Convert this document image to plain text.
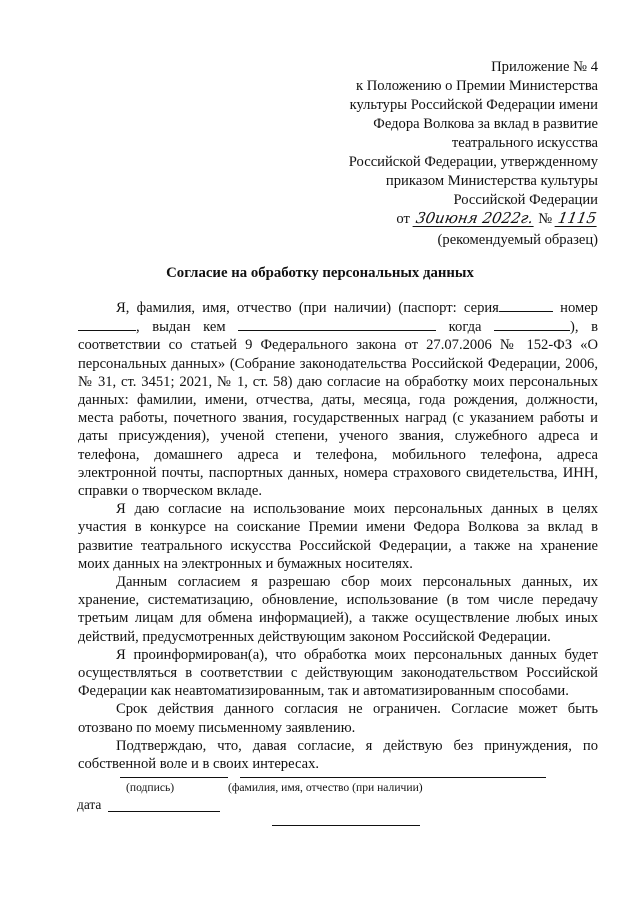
Приложение № 4
к Положению о Премии Министерства
культуры Российской Федерации имени
Федора Волкова за вклад в развитие
театрального искусства
Российской Федерации, утвержденному
приказом Министерства культуры
Российской Федерации
от 30июня 2022г. № 1115
(рекомендуемый образец)
Согласие на обработку персональных данных

Я, фамилия, имя, отчество (при наличии) (паспорт: серия	номер , выдан кем	когда	), в соответствии со статьей 9 Федерального закона от 27.07.2006 № 152-ФЗ «О персональных данных» (Собрание законодательства Российской Федерации, 2006, № 31, ст. 3451; 2021, № 1, ст. 58) даю согласие на обработку моих персональных данных: фамилии, имени, отчества, даты, месяца, года рождения, должности, места работы, почетного звания, государственных наград (с указанием работы и даты присуждения), ученой степени, ученого звания, служебного адреса и телефона, домашнего адреса и телефона, мобильного телефона, адреса электронной почты, паспортных данных, номера страхового свидетельства, ИНН, справки о творческом вкладе.

Я даю согласие на использование моих персональных данных в целях участия в конкурсе на соискание Премии имени Федора Волкова за вклад в развитие театрального искусства Российской Федерации, а также на хранение моих данных на электронных и бумажных носителях.

Данным согласием я разрешаю сбор моих персональных данных, их хранение, систематизацию, обновление, использование (в том числе передачу третьим лицам для обмена информацией), а также осуществление любых иных действий, предусмотренных действующим законом Российской Федерации.

Я проинформирован(а), что обработка моих персональных данных будет осуществляться в соответствии с действующим законодательством Российской Федерации как неавтоматизированным, так и автоматизированным способами.

Срок действия данного согласия не ограничен. Согласие может быть отозвано по моему письменному заявлению.

Подтверждаю, что, давая согласие, я действую без принуждения, по собственной воле и в своих интересах.

(подпись)	(фамилия, имя, отчество (при наличии)
дата
